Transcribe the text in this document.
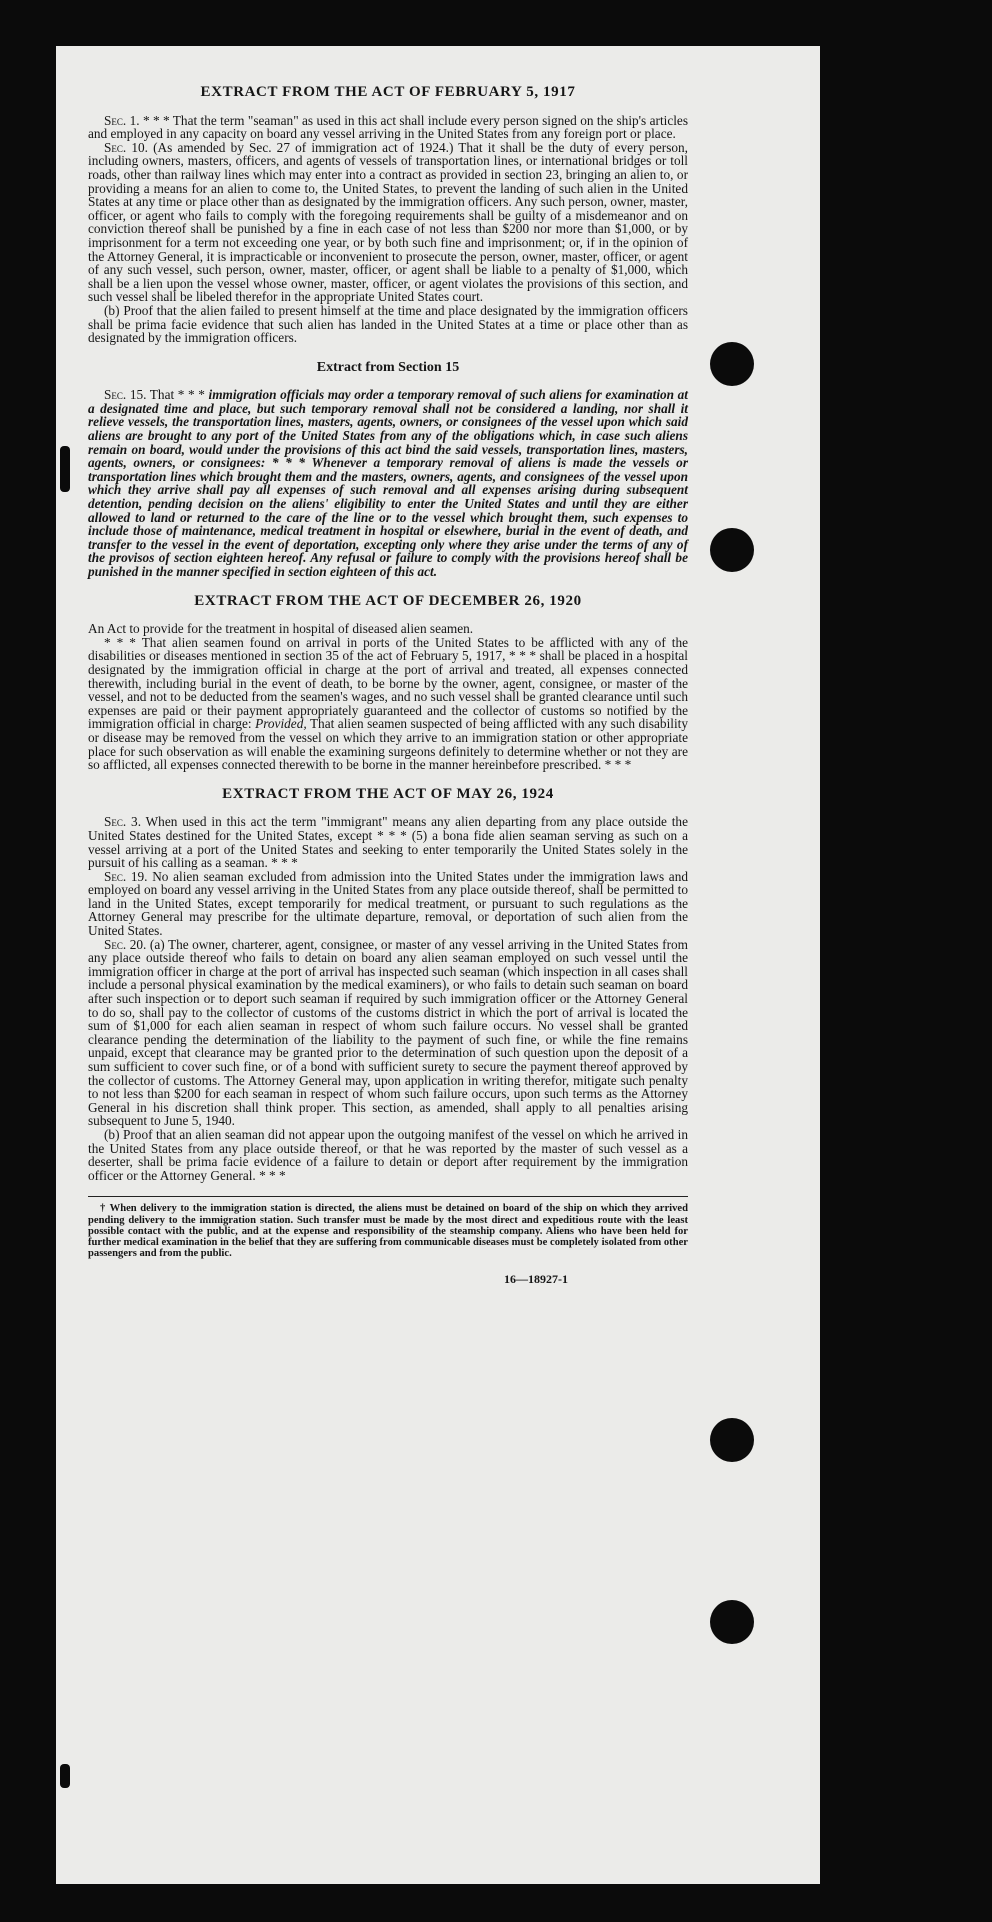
EXTRACT FROM THE ACT OF FEBRUARY 5, 1917

Sec. 1. * * * That the term "seaman" as used in this act shall include every person signed on the ship's articles and employed in any capacity on board any vessel arriving in the United States from any foreign port or place.

Sec. 10. (As amended by Sec. 27 of immigration act of 1924.) That it shall be the duty of every person, including owners, masters, officers, and agents of vessels of transportation lines, or international bridges or toll roads, other than railway lines which may enter into a contract as provided in section 23, bringing an alien to, or providing a means for an alien to come to, the United States, to prevent the landing of such alien in the United States at any time or place other than as designated by the immigration officers. Any such person, owner, master, officer, or agent who fails to comply with the foregoing requirements shall be guilty of a misdemeanor and on conviction thereof shall be punished by a fine in each case of not less than $200 nor more than $1,000, or by imprisonment for a term not exceeding one year, or by both such fine and imprisonment; or, if in the opinion of the Attorney General, it is impracticable or inconvenient to prosecute the person, owner, master, officer, or agent of any such vessel, such person, owner, master, officer, or agent shall be liable to a penalty of $1,000, which shall be a lien upon the vessel whose owner, master, officer, or agent violates the provisions of this section, and such vessel shall be libeled therefor in the appropriate United States court.

(b) Proof that the alien failed to present himself at the time and place designated by the immigration officers shall be prima facie evidence that such alien has landed in the United States at a time or place other than as designated by the immigration officers.

Extract from Section 15

Sec. 15. That * * * immigration officials may order a temporary removal of such aliens for examination at a designated time and place, but such temporary removal shall not be considered a landing, nor shall it relieve vessels, the transportation lines, masters, agents, owners, or consignees of the vessel upon which said aliens are brought to any port of the United States from any of the obligations which, in case such aliens remain on board, would under the provisions of this act bind the said vessels, transportation lines, masters, agents, owners, or consignees: * * * Whenever a temporary removal of aliens is made the vessels or transportation lines which brought them and the masters, owners, agents, and consignees of the vessel upon which they arrive shall pay all expenses of such removal and all expenses arising during subsequent detention, pending decision on the aliens' eligibility to enter the United States and until they are either allowed to land or returned to the care of the line or to the vessel which brought them, such expenses to include those of maintenance, medical treatment in hospital or elsewhere, burial in the event of death, and transfer to the vessel in the event of deportation, excepting only where they arise under the terms of any of the provisos of section eighteen hereof. Any refusal or failure to comply with the provisions hereof shall be punished in the manner specified in section eighteen of this act.

EXTRACT FROM THE ACT OF DECEMBER 26, 1920

An Act to provide for the treatment in hospital of diseased alien seamen.

* * * That alien seamen found on arrival in ports of the United States to be afflicted with any of the disabilities or diseases mentioned in section 35 of the act of February 5, 1917, * * * shall be placed in a hospital designated by the immigration official in charge at the port of arrival and treated, all expenses connected therewith, including burial in the event of death, to be borne by the owner, agent, consignee, or master of the vessel, and not to be deducted from the seamen's wages, and no such vessel shall be granted clearance until such expenses are paid or their payment appropriately guaranteed and the collector of customs so notified by the immigration official in charge: Provided, That alien seamen suspected of being afflicted with any such disability or disease may be removed from the vessel on which they arrive to an immigration station or other appropriate place for such observation as will enable the examining surgeons definitely to determine whether or not they are so afflicted, all expenses connected therewith to be borne in the manner hereinbefore prescribed. * * *

EXTRACT FROM THE ACT OF MAY 26, 1924

Sec. 3. When used in this act the term "immigrant" means any alien departing from any place outside the United States destined for the United States, except * * * (5) a bona fide alien seaman serving as such on a vessel arriving at a port of the United States and seeking to enter temporarily the United States solely in the pursuit of his calling as a seaman. * * *

Sec. 19. No alien seaman excluded from admission into the United States under the immigration laws and employed on board any vessel arriving in the United States from any place outside thereof, shall be permitted to land in the United States, except temporarily for medical treatment, or pursuant to such regulations as the Attorney General may prescribe for the ultimate departure, removal, or deportation of such alien from the United States.

Sec. 20. (a) The owner, charterer, agent, consignee, or master of any vessel arriving in the United States from any place outside thereof who fails to detain on board any alien seaman employed on such vessel until the immigration officer in charge at the port of arrival has inspected such seaman (which inspection in all cases shall include a personal physical examination by the medical examiners), or who fails to detain such seaman on board after such inspection or to deport such seaman if required by such immigration officer or the Attorney General to do so, shall pay to the collector of customs of the customs district in which the port of arrival is located the sum of $1,000 for each alien seaman in respect of whom such failure occurs. No vessel shall be granted clearance pending the determination of the liability to the payment of such fine, or while the fine remains unpaid, except that clearance may be granted prior to the determination of such question upon the deposit of a sum sufficient to cover such fine, or of a bond with sufficient surety to secure the payment thereof approved by the collector of customs. The Attorney General may, upon application in writing therefor, mitigate such penalty to not less than $200 for each seaman in respect of whom such failure occurs, upon such terms as the Attorney General in his discretion shall think proper. This section, as amended, shall apply to all penalties arising subsequent to June 5, 1940.

(b) Proof that an alien seaman did not appear upon the outgoing manifest of the vessel on which he arrived in the United States from any place outside thereof, or that he was reported by the master of such vessel as a deserter, shall be prima facie evidence of a failure to detain or deport after requirement by the immigration officer or the Attorney General. * * *

† When delivery to the immigration station is directed, the aliens must be detained on board of the ship on which they arrived pending delivery to the immigration station. Such transfer must be made by the most direct and expeditious route with the least possible contact with the public, and at the expense and responsibility of the steamship company. Aliens who have been held for further medical examination in the belief that they are suffering from communicable diseases must be completely isolated from other passengers and from the public.
16—18927-1
